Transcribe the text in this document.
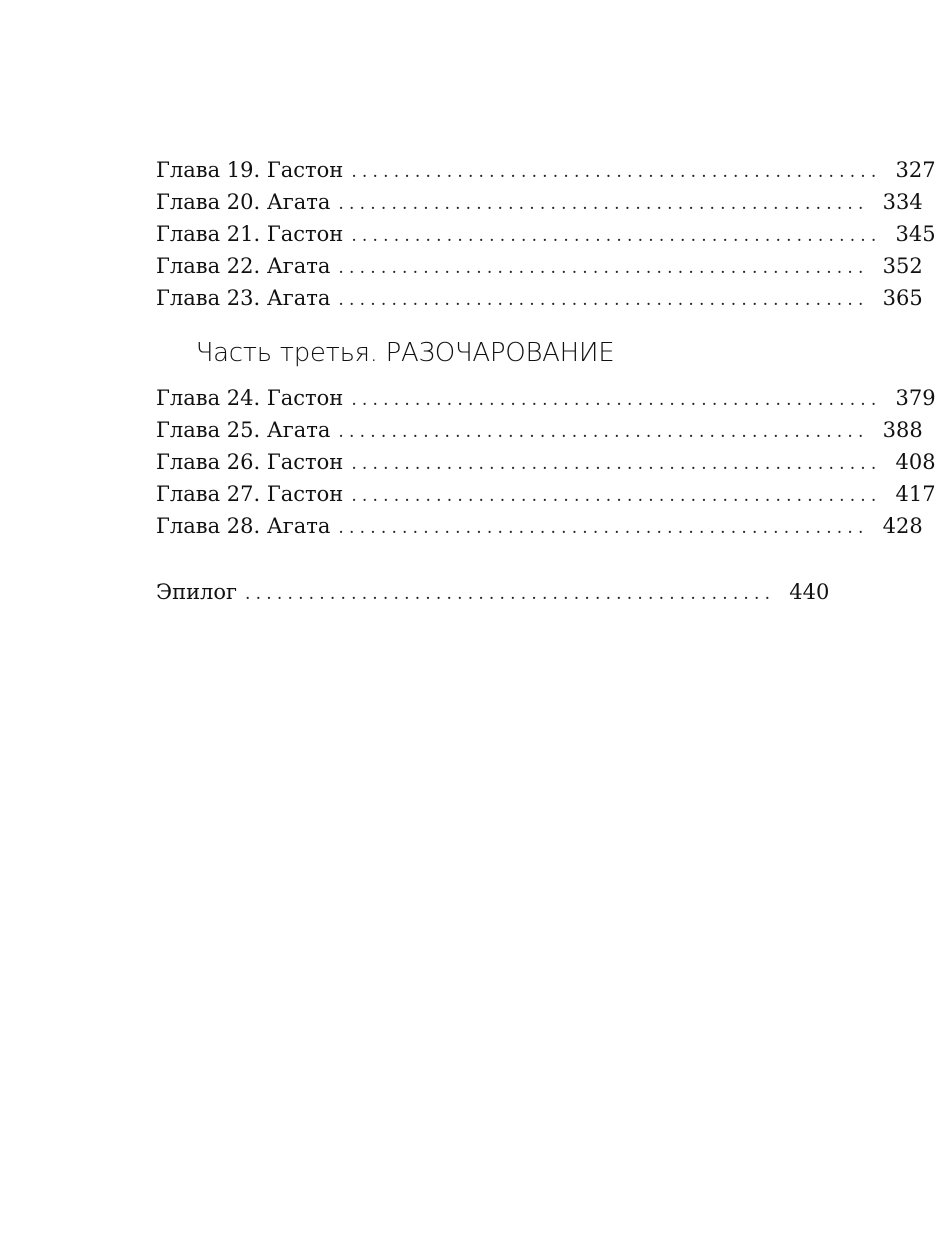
Глава 19. Гастон .................................................. 327
Глава 20. Агата .................................................. 334
Глава 21. Гастон .................................................. 345
Глава 22. Агата .................................................. 352
Глава 23. Агата .................................................. 365
Часть третья. РАЗОЧАРОВАНИЕ
Глава 24. Гастон .................................................. 379
Глава 25. Агата .................................................. 388
Глава 26. Гастон .................................................. 408
Глава 27. Гастон .................................................. 417
Глава 28. Агата .................................................. 428
Эпилог .................................................. 440
